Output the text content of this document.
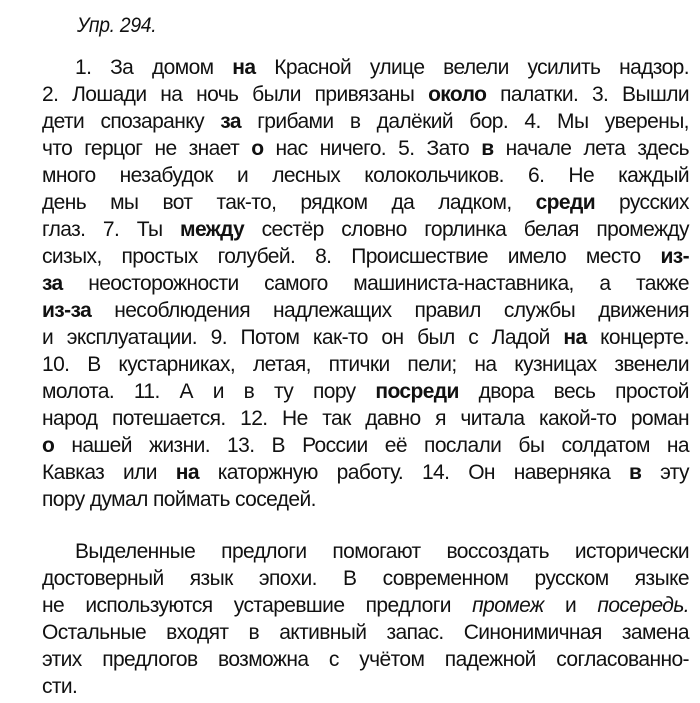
Упр. 294.
1. За домом на Красной улице велели усилить надзор.
2. Лошади на ночь были привязаны около палатки. 3. Вышли
дети спозаранку за грибами в далёкий бор. 4. Мы уверены,
что герцог не знает о нас ничего. 5. Зато в начале лета здесь
много незабудок и лесных колокольчиков. 6. Не каждый
день мы вот так-то, рядком да ладком, среди русских
глаз. 7. Ты между сестёр словно горлинка белая промежду
сизых, простых голубей. 8. Происшествие имело место из-
за неосторожности самого машиниста-наставника, а также
из-за несоблюдения надлежащих правил службы движения
и эксплуатации. 9. Потом как-то он был с Ладой на концерте.
10. В кустарниках, летая, птички пели; на кузницах звенели
молота. 11. А и в ту пору посреди двора весь простой
народ потешается. 12. Не так давно я читала какой-то роман
о нашей жизни. 13. В России её послали бы солдатом на
Кавказ или на каторжную работу. 14. Он наверняка в эту
пору думал поймать соседей.
Выделенные предлоги помогают воссоздать исторически
достоверный язык эпохи. В современном русском языке
не используются устаревшие предлоги промеж и посередь.
Остальные входят в активный запас. Синонимичная замена
этих предлогов возможна с учётом падежной согласованно-
сти.
